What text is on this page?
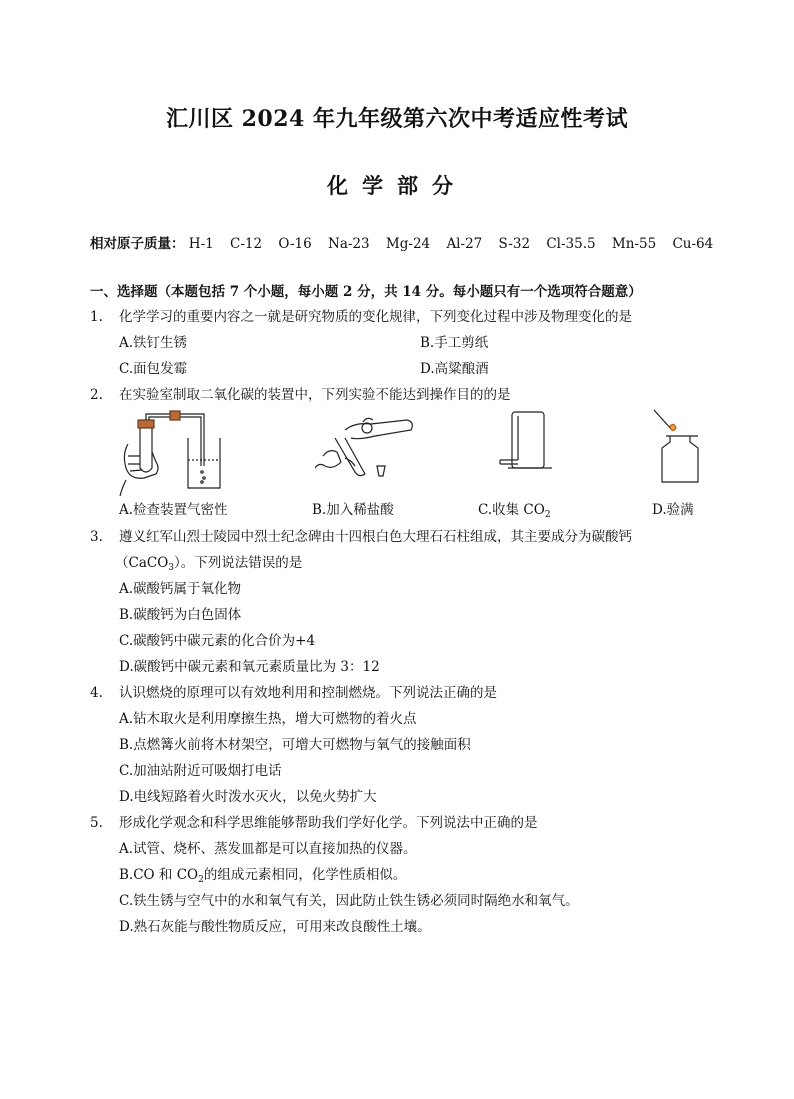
汇川区 2024 年九年级第六次中考适应性考试
化学部分
相对原子质量： H-1 C-12 O-16 Na-23 Mg-24 Al-27 S-32 Cl-35.5 Mn-55 Cu-64
一、选择题（本题包括 7 个小题，每小题 2 分，共 14 分。每小题只有一个选项符合题意）
1. 化学学习的重要内容之一就是研究物质的变化规律，下列变化过程中涉及物理变化的是
A.铁钉生锈	B.手工剪纸
C.面包发霉	D.高粱酿酒
2. 在实验室制取二氧化碳的装置中，下列实验不能达到操作目的的是
A.检查装置气密性	B.加入稀盐酸	C.收集 $CO_2$	D.验满
3. 遵义红军山烈士陵园中烈士纪念碑由十四根白色大理石石柱组成，其主要成分为碳酸钙
（CaCO$_3$）。下列说法错误的是
A.碳酸钙属于氧化物
B.碳酸钙为白色固体
C.碳酸钙中碳元素的化合价为+4
D.碳酸钙中碳元素和氧元素质量比为 3：12
4. 认识燃烧的原理可以有效地利用和控制燃烧。下列说法正确的是
A.钻木取火是利用摩擦生热，增大可燃物的着火点
B.点燃篝火前将木材架空，可增大可燃物与氧气的接触面积
C.加油站附近可吸烟打电话
D.电线短路着火时泼水灭火，以免火势扩大
5. 形成化学观念和科学思维能够帮助我们学好化学。下列说法中正确的是
A.试管、烧杯、蒸发皿都是可以直接加热的仪器。
B.CO 和 $CO_2$的组成元素相同，化学性质相似。
C.铁生锈与空气中的水和氧气有关，因此防止铁生锈必须同时隔绝水和氧气。
D.熟石灰能与酸性物质反应，可用来改良酸性土壤。
